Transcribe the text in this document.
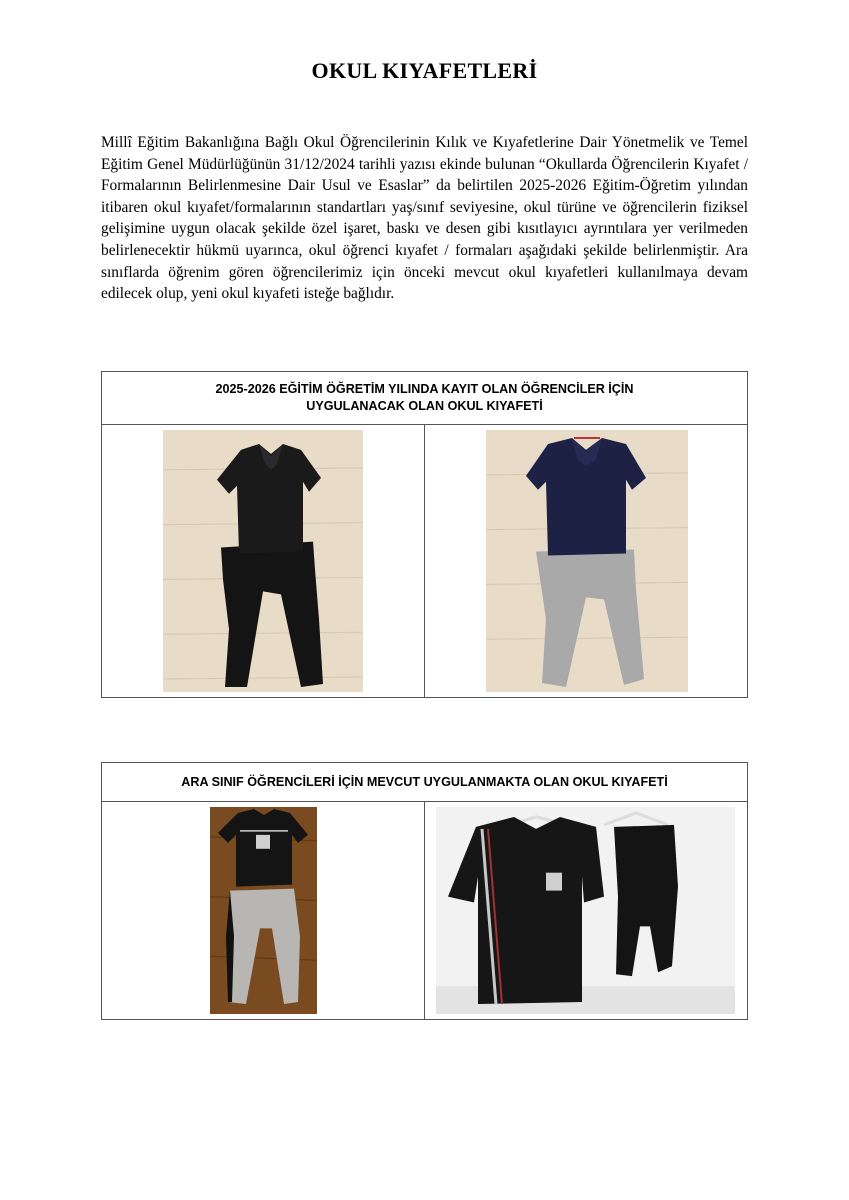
OKUL KIYAFETLERİ

Millî Eğitim Bakanlığına Bağlı Okul Öğrencilerinin Kılık ve Kıyafetlerine Dair Yönetmelik ve Temel Eğitim Genel Müdürlüğünün 31/12/2024 tarihli yazısı ekinde bulunan “Okullarda Öğrencilerin Kıyafet / Formalarının Belirlenmesine Dair Usul ve Esaslar” da belirtilen 2025-2026 Eğitim-Öğretim yılından itibaren okul kıyafet/formalarının standartları yaş/sınıf seviyesine, okul türüne ve öğrencilerin fiziksel gelişimine uygun olacak şekilde özel işaret, baskı ve desen gibi kısıtlayıcı ayrıntılara yer verilmeden belirlenecektir hükmü uyarınca, okul öğrenci kıyafet / formaları aşağıdaki şekilde belirlenmiştir. Ara sınıflarda öğrenim gören öğrencilerimiz için önceki mevcut okul kıyafetleri kullanılmaya devam edilecek olup, yeni okul kıyafeti isteğe bağlıdır.

2025-2026 EĞİTİM ÖĞRETİM YILINDA KAYIT OLAN ÖĞRENCİLER İÇİN
UYGULANACAK OLAN OKUL KIYAFETİ

ARA SINIF ÖĞRENCİLERİ İÇİN MEVCUT UYGULANMAKTA OLAN OKUL KIYAFETİ
